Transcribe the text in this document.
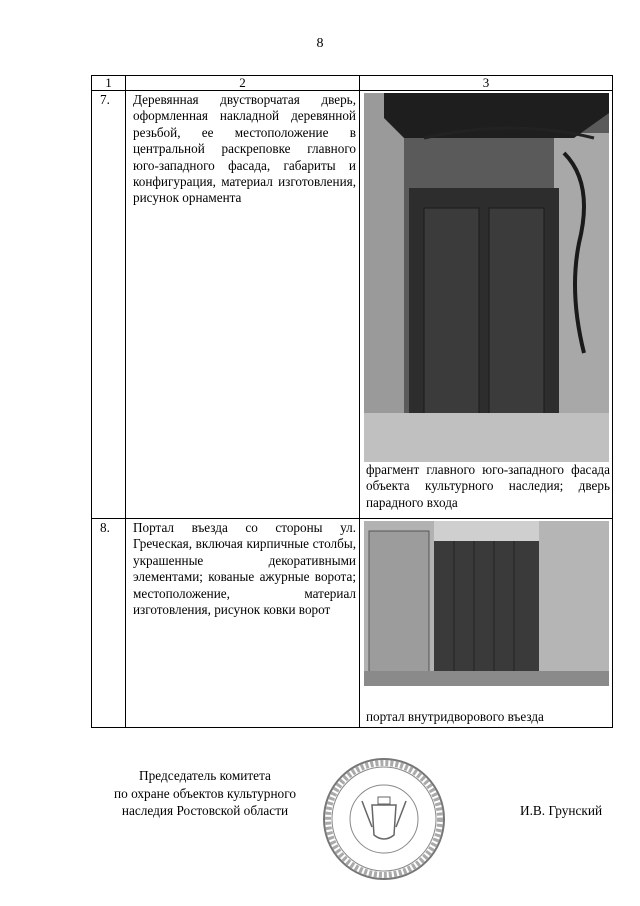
8
1	2	3

7.	Деревянная двустворчатая дверь, оформленная накладной деревянной резьбой, ее местоположение в центральной раскреповке главного юго-западного фасада, габариты и конфигурация, материал изготовления, рисунок орнамента	фрагмент главного юго-западного фасада объекта культурного наследия; дверь парадного входа

8.	Портал въезда со стороны ул. Греческая, включая кирпичные столбы, украшенные декоративными элементами; кованые ажурные ворота; местоположение, материал изготовления, рисунок ковки ворот	портал внутридворового въезда
Председатель комитета
по охране объектов культурного
наследия Ростовской области	И.В. Грунский
